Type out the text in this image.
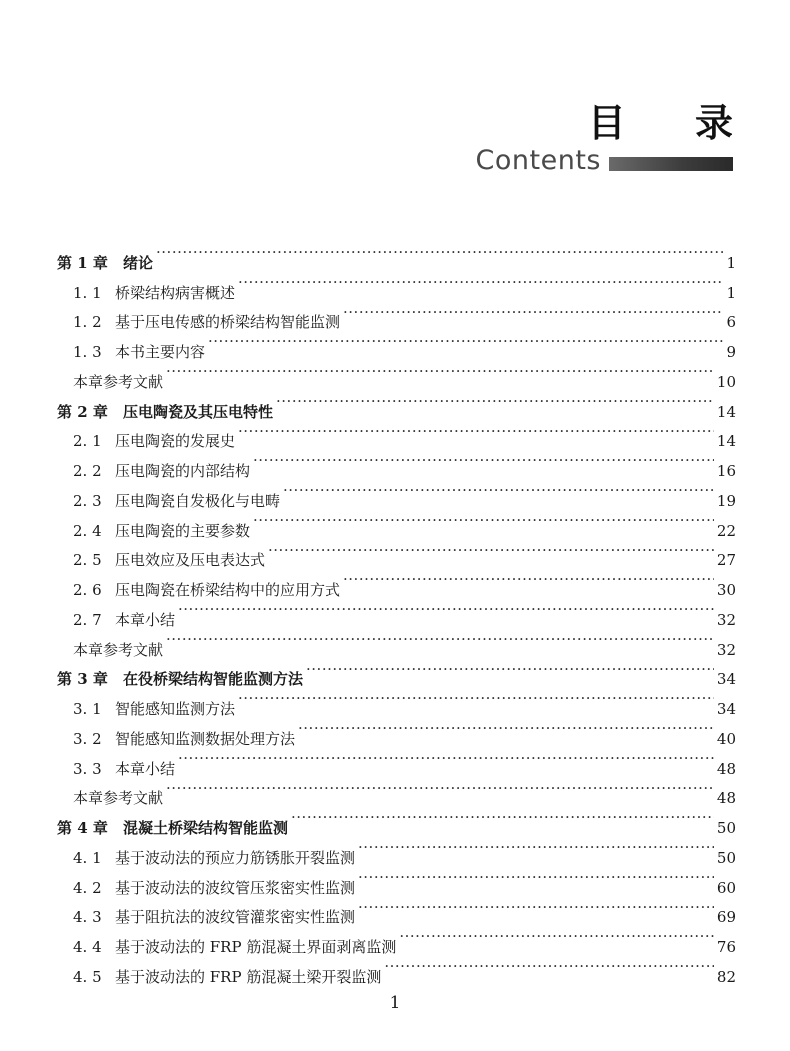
目 录
Contents
第 1 章	绪论 ·····	1
1. 1 桥梁结构病害概述 ·····	1
1. 2 基于压电传感的桥梁结构智能监测 ·····	6
1. 3 本书主要内容 ·····	9
本章参考文献 ·····	10
第 2 章	压电陶瓷及其压电特性 ·····	14
2. 1 压电陶瓷的发展史 ·····	14
2. 2 压电陶瓷的内部结构 ·····	16
2. 3 压电陶瓷自发极化与电畴 ·····	19
2. 4 压电陶瓷的主要参数 ·····	22
2. 5 压电效应及压电表达式 ·····	27
2. 6 压电陶瓷在桥梁结构中的应用方式 ·····	30
2. 7 本章小结 ·····	32
本章参考文献 ·····	32
第 3 章	在役桥梁结构智能监测方法 ·····	34
3. 1 智能感知监测方法 ·····	34
3. 2 智能感知监测数据处理方法 ·····	40
3. 3 本章小结 ·····	48
本章参考文献 ·····	48
第 4 章	混凝土桥梁结构智能监测 ·····	50
4. 1 基于波动法的预应力筋锈胀开裂监测 ·····	50
4. 2 基于波动法的波纹管压浆密实性监测 ·····	60
4. 3 基于阻抗法的波纹管灌浆密实性监测 ·····	69
4. 4 基于波动法的 FRP 筋混凝土界面剥离监测 ·····	76
4. 5 基于波动法的 FRP 筋混凝土梁开裂监测 ·····	82
1
